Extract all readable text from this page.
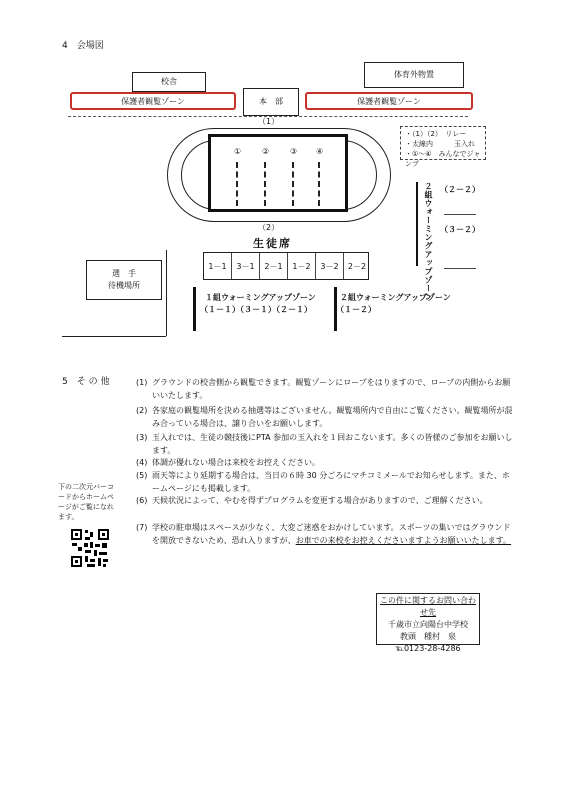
4　会場図
校舎
体育外物置
保護者観覧ゾーン	本　部	保護者観覧ゾーン
（1）
①	②	③ ④
・（1）（2）　リレー
・太線内　　　玉入れ
・①～④　みんなでジャンプ
（2）
生徒席	２組ウォーミングアップゾーン （２－２）
（３－２）
1－1	3－1	2－1	1－2	3－2	2－2
選　手
待機場所
１組ウォーミングアップゾーン
（１－１）（３－１）（２－１）
２組ウォーミングアップゾーン
（１－２）
5　そ の 他	(1) グラウンドの校舎側から観覧できます。観覧ゾーンにロープをはりますので、ロープの内側からお願いいたします。
(2) 各家庭の観覧場所を決める抽選等はございません。観覧場所内で自由にご覧ください。観覧場所が混み合っている場合は、譲り合いをお願いします。
(3) 玉入れでは、生徒の競技後にPTA 参加の玉入れを１回おこないます。多くの皆様のご参加をお願いします。
(4) 体調が優れない場合は来校をお控えください。
(5) 雨天等により延期する場合は、当日の６時 30 分ごろにマチコミメールでお知らせします。また、ホームページにも掲載します。
(6) 天候状況によって、やむを得ずプログラムを変更する場合がありますので、ご理解ください。
(7) 学校の駐車場はスペースが少なく、大変ご迷惑をおかけしています。スポーツの集いではグラウンドを開放できないため、恐れ入りますが、お車での来校をお控えくださいますようお願いいたします。
下の二次元バーコードからホームページがご覧になれます。
この件に関するお問い合わせ先
千歳市立向陽台中学校
教頭　種村　泉
℡0123-28-4286
